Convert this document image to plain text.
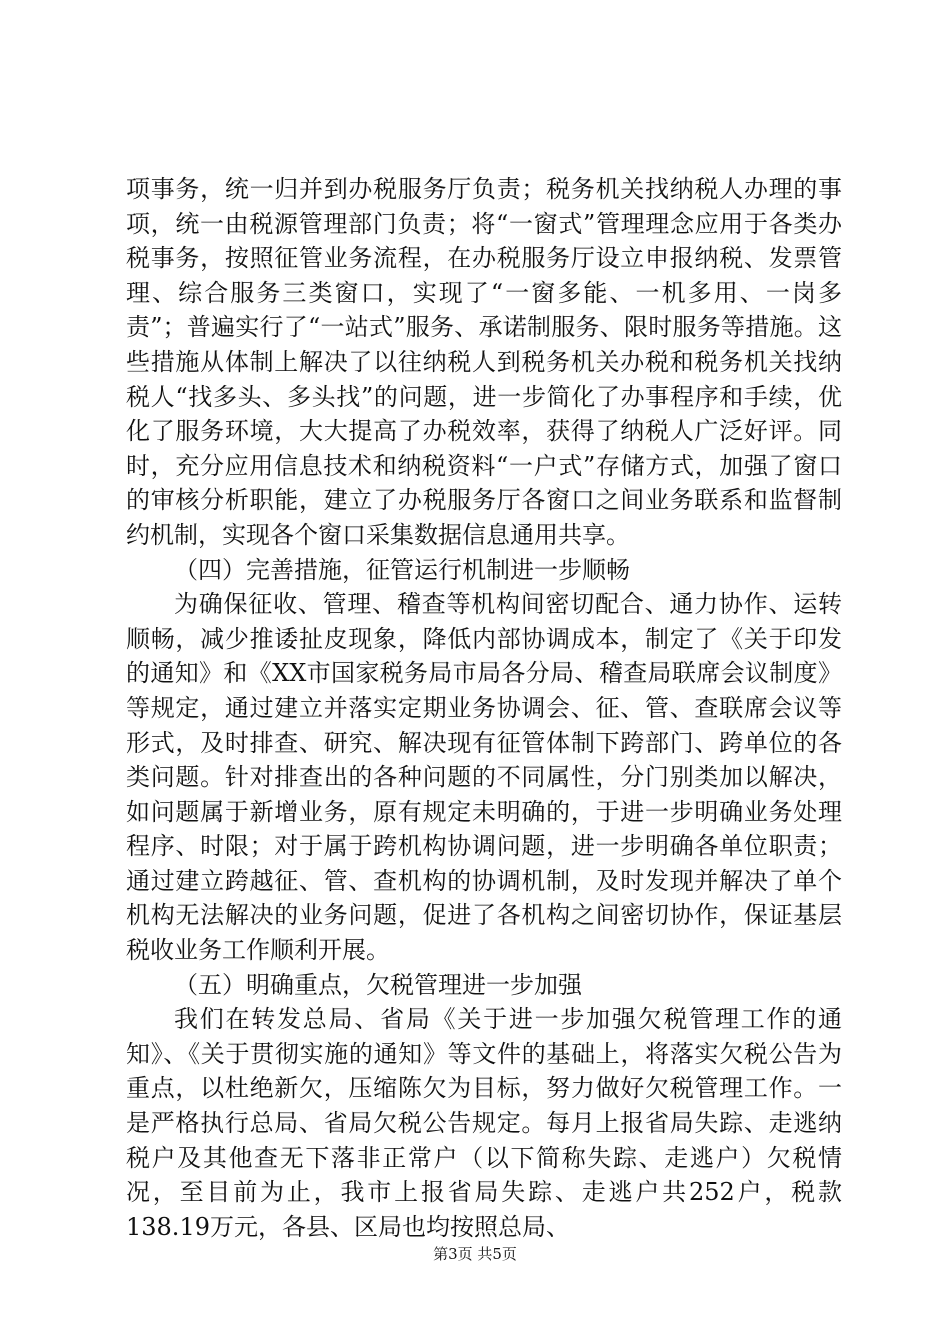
项事务，统一归并到办税服务厅负责；税务机关找纳税人办理的事项，统一由税源管理部门负责；将“一窗式”管理理念应用于各类办税事务，按照征管业务流程，在办税服务厅设立申报纳税、发票管理、综合服务三类窗口，实现了“一窗多能、一机多用、一岗多责”；普遍实行了“一站式”服务、承诺制服务、限时服务等措施。这些措施从体制上解决了以往纳税人到税务机关办税和税务机关找纳税人“找多头、多头找”的问题，进一步简化了办事程序和手续，优化了服务环境，大大提高了办税效率，获得了纳税人广泛好评。同时，充分应用信息技术和纳税资料“一户式”存储方式，加强了窗口的审核分析职能，建立了办税服务厅各窗口之间业务联系和监督制约机制，实现各个窗口采集数据信息通用共享。

（四）完善措施，征管运行机制进一步顺畅

为确保征收、管理、稽查等机构间密切配合、通力协作、运转顺畅，减少推诿扯皮现象，降低内部协调成本，制定了《关于印发的通知》和《XX市国家税务局市局各分局、稽查局联席会议制度》等规定，通过建立并落实定期业务协调会、征、管、查联席会议等形式，及时排查、研究、解决现有征管体制下跨部门、跨单位的各类问题。针对排查出的各种问题的不同属性，分门别类加以解决，如问题属于新增业务，原有规定未明确的，于进一步明确业务处理程序、时限；对于属于跨机构协调问题，进一步明确各单位职责；通过建立跨越征、管、查机构的协调机制，及时发现并解决了单个机构无法解决的业务问题，促进了各机构之间密切协作，保证基层税收业务工作顺利开展。

（五）明确重点，欠税管理进一步加强

我们在转发总局、省局《关于进一步加强欠税管理工作的通知》、《关于贯彻实施的通知》等文件的基础上，将落实欠税公告为重点，以杜绝新欠，压缩陈欠为目标，努力做好欠税管理工作。一是严格执行总局、省局欠税公告规定。每月上报省局失踪、走逃纳税户及其他查无下落非正常户（以下简称失踪、走逃户）欠税情况，至目前为止，我市上报省局失踪、走逃户共252户，税款138.19万元，各县、区局也均按照总局、

第3页 共5页
